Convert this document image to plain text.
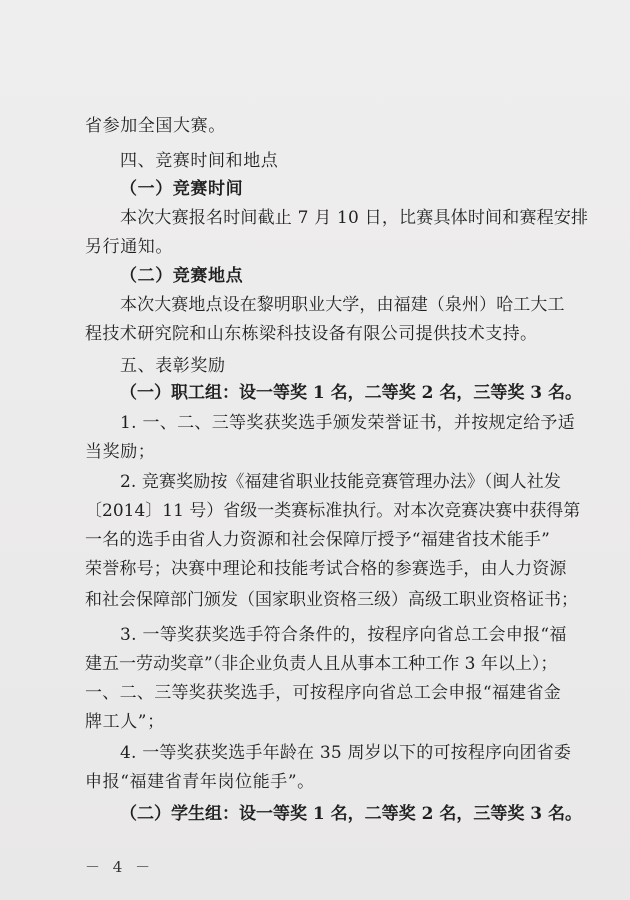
省参加全国大赛。
四、竞赛时间和地点
（一）竞赛时间
本次大赛报名时间截止 7 月 10 日，比赛具体时间和赛程安排
另行通知。
（二）竞赛地点
本次大赛地点设在黎明职业大学，由福建（泉州）哈工大工
程技术研究院和山东栋梁科技设备有限公司提供技术支持。
五、表彰奖励
（一）职工组：设一等奖 1 名，二等奖 2 名，三等奖 3 名。
1. 一、二、三等奖获奖选手颁发荣誉证书，并按规定给予适
当奖励；
2. 竞赛奖励按《福建省职业技能竞赛管理办法》（闽人社发
〔2014〕11 号）省级一类赛标准执行。对本次竞赛决赛中获得第
一名的选手由省人力资源和社会保障厅授予“福建省技术能手”
荣誉称号；决赛中理论和技能考试合格的参赛选手，由人力资源
和社会保障部门颁发（国家职业资格三级）高级工职业资格证书；
3. 一等奖获奖选手符合条件的，按程序向省总工会申报“福
建五一劳动奖章”（非企业负责人且从事本工种工作 3 年以上）；
一、二、三等奖获奖选手，可按程序向省总工会申报“福建省金
牌工人”；
4. 一等奖获奖选手年龄在 35 周岁以下的可按程序向团省委
申报“福建省青年岗位能手”。
（二）学生组：设一等奖 1 名，二等奖 2 名，三等奖 3 名。
－ 4 －
